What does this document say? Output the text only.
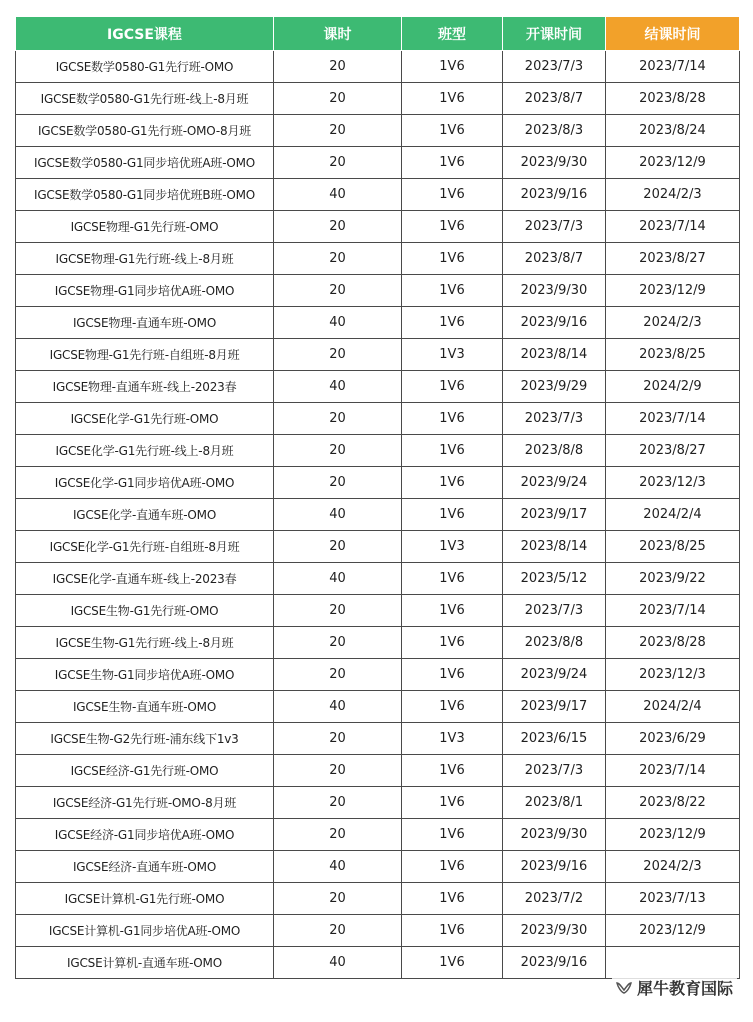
IGCSE课程	课时	班型	开课时间	结课时间
IGCSE数学0580-G1先行班-OMO	20	1V6	2023/7/3	2023/7/14
IGCSE数学0580-G1先行班-线上-8月班	20	1V6	2023/8/7	2023/8/28
IGCSE数学0580-G1先行班-OMO-8月班	20	1V6	2023/8/3	2023/8/24
IGCSE数学0580-G1同步培优班A班-OMO	20	1V6	2023/9/30	2023/12/9
IGCSE数学0580-G1同步培优班B班-OMO	40	1V6	2023/9/16	2024/2/3
IGCSE物理-G1先行班-OMO	20	1V6	2023/7/3	2023/7/14
IGCSE物理-G1先行班-线上-8月班	20	1V6	2023/8/7	2023/8/27
IGCSE物理-G1同步培优A班-OMO	20	1V6	2023/9/30	2023/12/9
IGCSE物理-直通车班-OMO	40	1V6	2023/9/16	2024/2/3
IGCSE物理-G1先行班-自组班-8月班	20	1V3	2023/8/14	2023/8/25
IGCSE物理-直通车班-线上-2023春	40	1V6	2023/9/29	2024/2/9
IGCSE化学-G1先行班-OMO	20	1V6	2023/7/3	2023/7/14
IGCSE化学-G1先行班-线上-8月班	20	1V6	2023/8/8	2023/8/27
IGCSE化学-G1同步培优A班-OMO	20	1V6	2023/9/24	2023/12/3
IGCSE化学-直通车班-OMO	40	1V6	2023/9/17	2024/2/4
IGCSE化学-G1先行班-自组班-8月班	20	1V3	2023/8/14	2023/8/25
IGCSE化学-直通车班-线上-2023春	40	1V6	2023/5/12	2023/9/22
IGCSE生物-G1先行班-OMO	20	1V6	2023/7/3	2023/7/14
IGCSE生物-G1先行班-线上-8月班	20	1V6	2023/8/8	2023/8/28
IGCSE生物-G1同步培优A班-OMO	20	1V6	2023/9/24	2023/12/3
IGCSE生物-直通车班-OMO	40	1V6	2023/9/17	2024/2/4
IGCSE生物-G2先行班-浦东线下1v3	20	1V3	2023/6/15	2023/6/29
IGCSE经济-G1先行班-OMO	20	1V6	2023/7/3	2023/7/14
IGCSE经济-G1先行班-OMO-8月班	20	1V6	2023/8/1	2023/8/22
IGCSE经济-G1同步培优A班-OMO	20	1V6	2023/9/30	2023/12/9
IGCSE经济-直通车班-OMO	40	1V6	2023/9/16	2024/2/3
IGCSE计算机-G1先行班-OMO	20	1V6	2023/7/2	2023/7/13
IGCSE计算机-G1同步培优A班-OMO	20	1V6	2023/9/30	2023/12/9
IGCSE计算机-直通车班-OMO	40	1V6	2023/9/16	
犀牛教育国际
